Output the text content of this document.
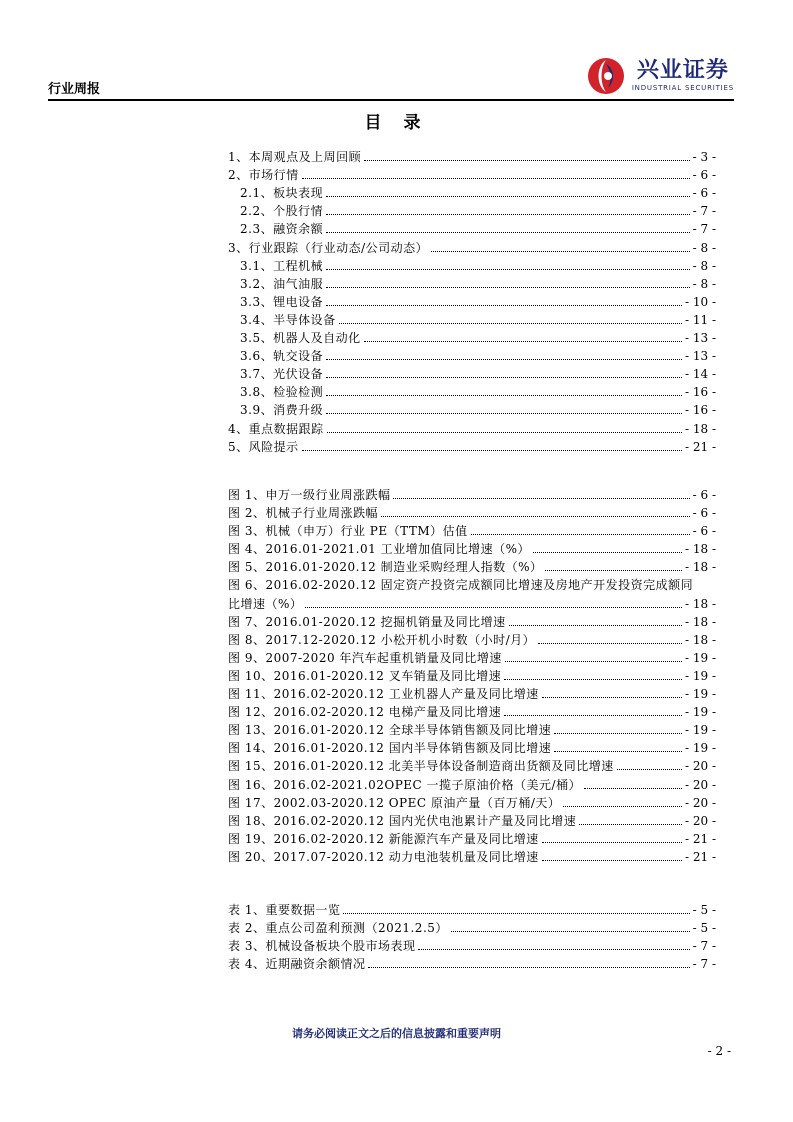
行业周报
兴业证券
INDUSTRIAL SECURITIES
目 录
1、本周观点及上周回顾	- 3 -
2、市场行情	- 6 -
2.1、板块表现	- 6 -
2.2、个股行情	- 7 -
2.3、融资余额	- 7 -
3、行业跟踪（行业动态/公司动态）	- 8 -
3.1、工程机械	- 8 -
3.2、油气油服	- 8 -
3.3、锂电设备	- 10 -
3.4、半导体设备	- 11 -
3.5、机器人及自动化	- 13 -
3.6、轨交设备	- 13 -
3.7、光伏设备	- 14 -
3.8、检验检测	- 16 -
3.9、消费升级	- 16 -
4、重点数据跟踪	- 18 -
5、风险提示	- 21 -
图 1、申万一级行业周涨跌幅	- 6 -
图 2、机械子行业周涨跌幅	- 6 -
图 3、机械（申万）行业 PE（TTM）估值	- 6 -
图 4、2016.01-2021.01 工业增加值同比增速（%）	- 18 -
图 5、2016.01-2020.12 制造业采购经理人指数（%）	- 18 -
图 6、2016.02-2020.12 固定资产投资完成额同比增速及房地产开发投资完成额同
比增速（%）	- 18 -
图 7、2016.01-2020.12 挖掘机销量及同比增速	- 18 -
图 8、2017.12-2020.12 小松开机小时数（小时/月）	- 18 -
图 9、2007-2020 年汽车起重机销量及同比增速	- 19 -
图 10、2016.01-2020.12 叉车销量及同比增速	- 19 -
图 11、2016.02-2020.12 工业机器人产量及同比增速	- 19 -
图 12、2016.02-2020.12 电梯产量及同比增速	- 19 -
图 13、2016.01-2020.12 全球半导体销售额及同比增速	- 19 -
图 14、2016.01-2020.12 国内半导体销售额及同比增速	- 19 -
图 15、2016.01-2020.12 北美半导体设备制造商出货额及同比增速	- 20 -
图 16、2016.02-2021.02OPEC 一揽子原油价格（美元/桶）	- 20 -
图 17、2002.03-2020.12 OPEC 原油产量（百万桶/天）	- 20 -
图 18、2016.02-2020.12 国内光伏电池累计产量及同比增速	- 20 -
图 19、2016.02-2020.12 新能源汽车产量及同比增速	- 21 -
图 20、2017.07-2020.12 动力电池装机量及同比增速	- 21 -
表 1、重要数据一览	- 5 -
表 2、重点公司盈利预测（2021.2.5）	- 5 -
表 3、机械设备板块个股市场表现	- 7 -
表 4、近期融资余额情况	- 7 -
请务必阅读正文之后的信息披露和重要声明
- 2 -
